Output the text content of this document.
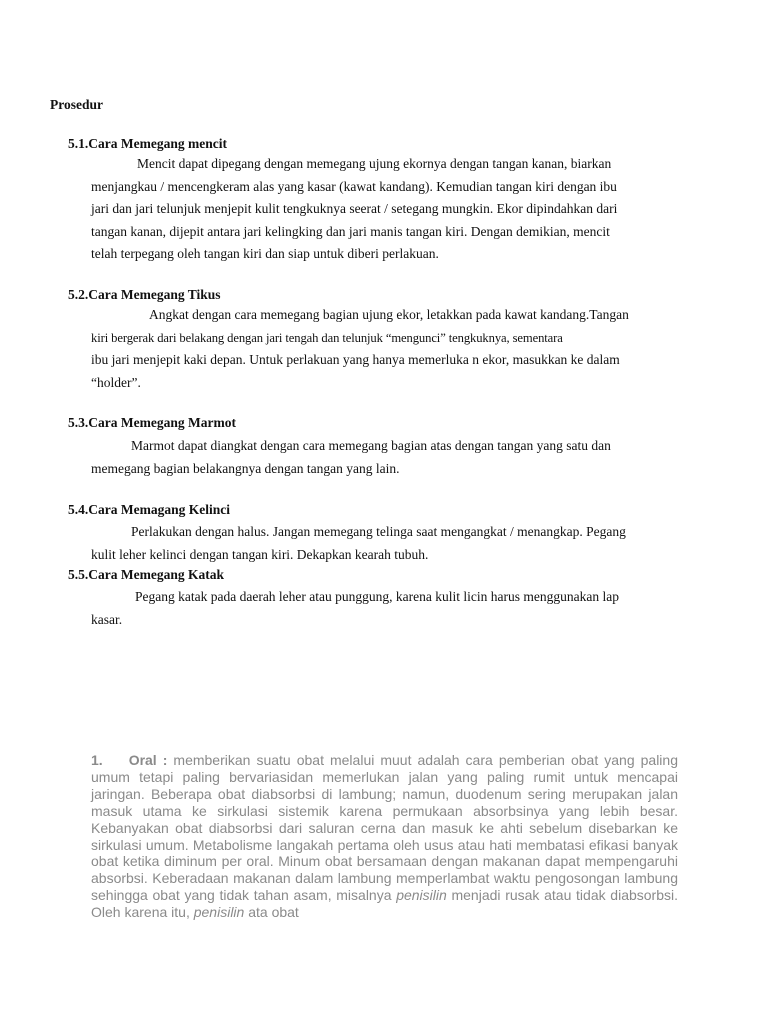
Prosedur
5.1.Cara Memegang mencit

Mencit dapat dipegang dengan memegang ujung ekornya dengan tangan kanan, biarkan

menjangkau / mencengkeram alas yang kasar (kawat kandang). Kemudian tangan kiri dengan ibu

jari dan jari telunjuk menjepit kulit tengkuknya seerat / setegang mungkin. Ekor dipindahkan dari

tangan kanan, dijepit antara jari kelingking dan jari manis tangan kiri. Dengan demikian, mencit

telah terpegang oleh tangan kiri dan siap untuk diberi perlakuan.

5.2.Cara Memegang Tikus

Angkat dengan cara memegang bagian ujung ekor, letakkan pada kawat kandang.Tangan

kiri bergerak dari belakang dengan jari tengah dan telunjuk “mengunci” tengkuknya, sementara

ibu jari menjepit kaki depan. Untuk perlakuan yang hanya memerluka n ekor, masukkan ke dalam

“holder”.

5.3.Cara Memegang Marmot

Marmot dapat diangkat dengan cara memegang bagian atas dengan tangan yang satu dan

memegang bagian belakangnya dengan tangan yang lain.

5.4.Cara Memagang Kelinci

Perlakukan dengan halus. Jangan memegang telinga saat mengangkat / menangkap. Pegang

kulit leher kelinci dengan tangan kiri. Dekapkan kearah tubuh.

5.5.Cara Memegang Katak

Pegang katak pada daerah leher atau punggung, karena kulit licin harus menggunakan lap

kasar.

1. Oral : memberikan suatu obat melalui muut adalah cara pemberian obat yang paling umum tetapi paling bervariasidan memerlukan jalan yang paling rumit untuk mencapai jaringan. Beberapa obat diabsorbsi di lambung; namun, duodenum sering merupakan jalan masuk utama ke sirkulasi sistemik karena permukaan absorbsinya yang lebih besar. Kebanyakan obat diabsorbsi dari saluran cerna dan masuk ke ahti sebelum disebarkan ke sirkulasi umum. Metabolisme langakah pertama oleh usus atau hati membatasi efikasi banyak obat ketika diminum per oral. Minum obat bersamaan dengan makanan dapat mempengaruhi absorbsi. Keberadaan makanan dalam lambung memperlambat waktu pengosongan lambung sehingga obat yang tidak tahan asam, misalnya penisilin menjadi rusak atau tidak diabsorbsi. Oleh karena itu, penisilin ata obat
